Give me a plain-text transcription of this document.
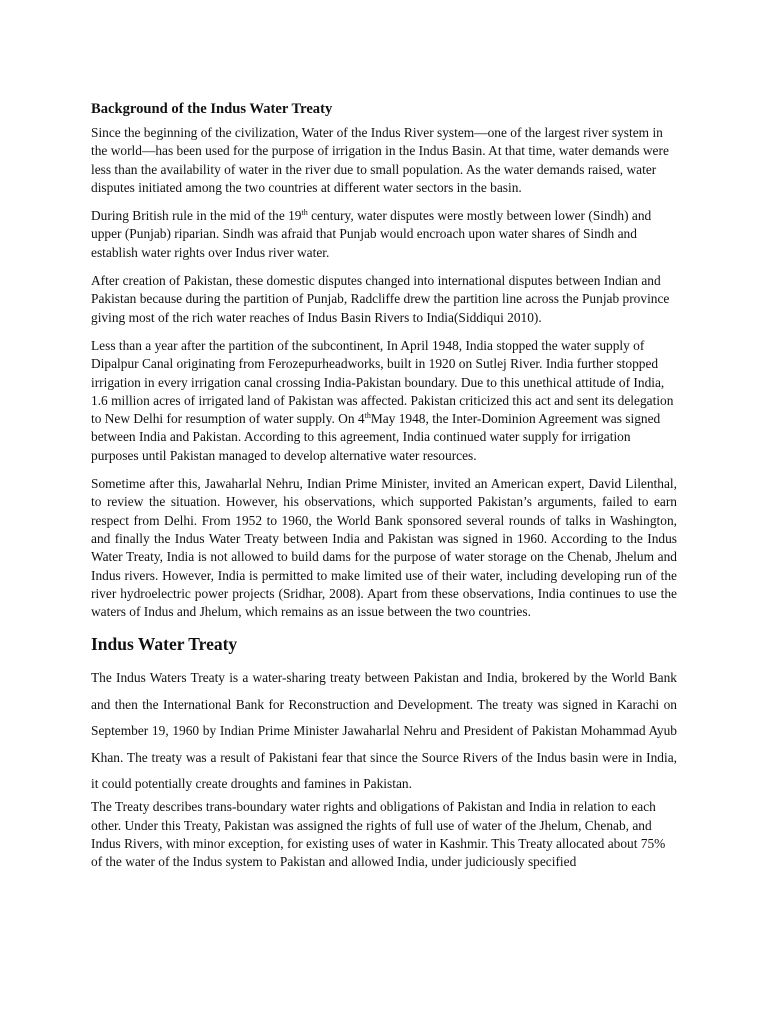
Background of the Indus Water Treaty

Since the beginning of the civilization, Water of the Indus River system—one of the largest river system in the world—has been used for the purpose of irrigation in the Indus Basin. At that time, water demands were less than the availability of water in the river due to small population. As the water demands raised, water disputes initiated among the two countries at different water sectors in the basin.

During British rule in the mid of the 19th century, water disputes were mostly between lower (Sindh) and upper (Punjab) riparian. Sindh was afraid that Punjab would encroach upon water shares of Sindh and establish water rights over Indus river water.

After creation of Pakistan, these domestic disputes changed into international disputes between Indian and Pakistan because during the partition of Punjab, Radcliffe drew the partition line across the Punjab province giving most of the rich water reaches of Indus Basin Rivers to India(Siddiqui 2010).

Less than a year after the partition of the subcontinent, In April 1948, India stopped the water supply of Dipalpur Canal originating from Ferozepurheadworks, built in 1920 on Sutlej River. India further stopped irrigation in every irrigation canal crossing India-Pakistan boundary. Due to this unethical attitude of India, 1.6 million acres of irrigated land of Pakistan was affected. Pakistan criticized this act and sent its delegation to New Delhi for resumption of water supply. On 4thMay 1948, the Inter-Dominion Agreement was signed between India and Pakistan. According to this agreement, India continued water supply for irrigation purposes until Pakistan managed to develop alternative water resources.

Sometime after this, Jawaharlal Nehru, Indian Prime Minister, invited an American expert, David Lilenthal, to review the situation. However, his observations, which supported Pakistan’s arguments, failed to earn respect from Delhi. From 1952 to 1960, the World Bank sponsored several rounds of talks in Washington, and finally the Indus Water Treaty between India and Pakistan was signed in 1960. According to the Indus Water Treaty, India is not allowed to build dams for the purpose of water storage on the Chenab, Jhelum and Indus rivers. However, India is permitted to make limited use of their water, including developing run of the river hydroelectric power projects (Sridhar, 2008). Apart from these observations, India continues to use the waters of Indus and Jhelum, which remains as an issue between the two countries.

Indus Water Treaty

The Indus Waters Treaty is a water-sharing treaty between Pakistan and India, brokered by the World Bank and then the International Bank for Reconstruction and Development. The treaty was signed in Karachi on September 19, 1960 by Indian Prime Minister Jawaharlal Nehru and President of Pakistan Mohammad Ayub Khan. The treaty was a result of Pakistani fear that since the Source Rivers of the Indus basin were in India, it could potentially create droughts and famines in Pakistan.

The Treaty describes trans-boundary water rights and obligations of Pakistan and India in relation to each other. Under this Treaty, Pakistan was assigned the rights of full use of water of the Jhelum, Chenab, and Indus Rivers, with minor exception, for existing uses of water in Kashmir. This Treaty allocated about 75% of the water of the Indus system to Pakistan and allowed India, under judiciously specified
